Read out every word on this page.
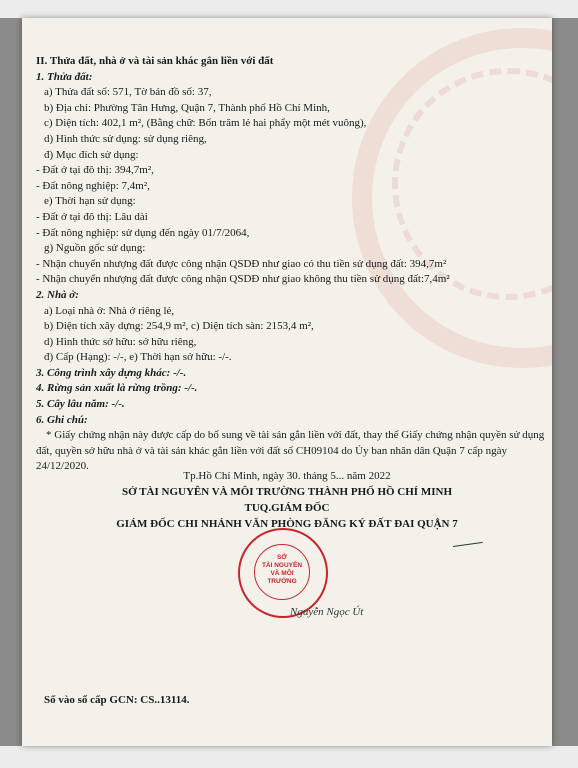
II. Thửa đất, nhà ở và tài sản khác gắn liền với đất
1. Thửa đất:
a) Thửa đất số: 571, Tờ bản đồ số: 37,
b) Địa chỉ: Phường Tân Hưng, Quận 7, Thành phố Hồ Chí Minh,
c) Diện tích: 402,1 m², (Bằng chữ: Bốn trăm lẻ hai phẩy một mét vuông),
d) Hình thức sử dụng: sử dụng riêng,
đ) Mục đích sử dụng:
- Đất ở tại đô thị: 394,7m²,
- Đất nông nghiệp: 7,4m²,
e) Thời hạn sử dụng:
- Đất ở tại đô thị: Lâu dài
- Đất nông nghiệp: sử dụng đến ngày 01/7/2064,
g) Nguồn gốc sử dụng:
- Nhận chuyển nhượng đất được công nhận QSDĐ như giao có thu tiền sử dụng đất: 394,7m²
- Nhận chuyển nhượng đất được công nhận QSDĐ như giao không thu tiền sử dụng đất:7,4m²
2. Nhà ở:
a) Loại nhà ở: Nhà ở riêng lẻ,
b) Diện tích xây dựng: 254,9 m², c) Diện tích sàn: 2153,4 m²,
d) Hình thức sở hữu: sở hữu riêng,
đ) Cấp (Hạng): -/-, e) Thời hạn sở hữu: -/-.
3. Công trình xây dựng khác: -/-.
4. Rừng sản xuất là rừng trồng: -/-.
5. Cây lâu năm: -/-.
6. Ghi chú:
* Giấy chứng nhận này được cấp do bổ sung về tài sản gắn liền với đất, thay thế Giấy chứng nhận quyền sử dụng đất, quyền sở hữu nhà ở và tài sản khác gắn liền với đất số CH09104 do Ủy ban nhân dân Quận 7 cấp ngày 24/12/2020.
Tp.Hồ Chí Minh, ngày 30. tháng 5... năm 2022
SỞ TÀI NGUYÊN VÀ MÔI TRƯỜNG THÀNH PHỐ HỒ CHÍ MINH
TUQ.GIÁM ĐỐC
GIÁM ĐỐC CHI NHÁNH VĂN PHÒNG ĐĂNG KÝ ĐẤT ĐAI QUẬN 7
SỞ
TÀI NGUYÊN
VÀ MÔI TRƯỜNG
Nguyễn Ngọc Út
Số vào sổ cấp GCN: CS..13114.
